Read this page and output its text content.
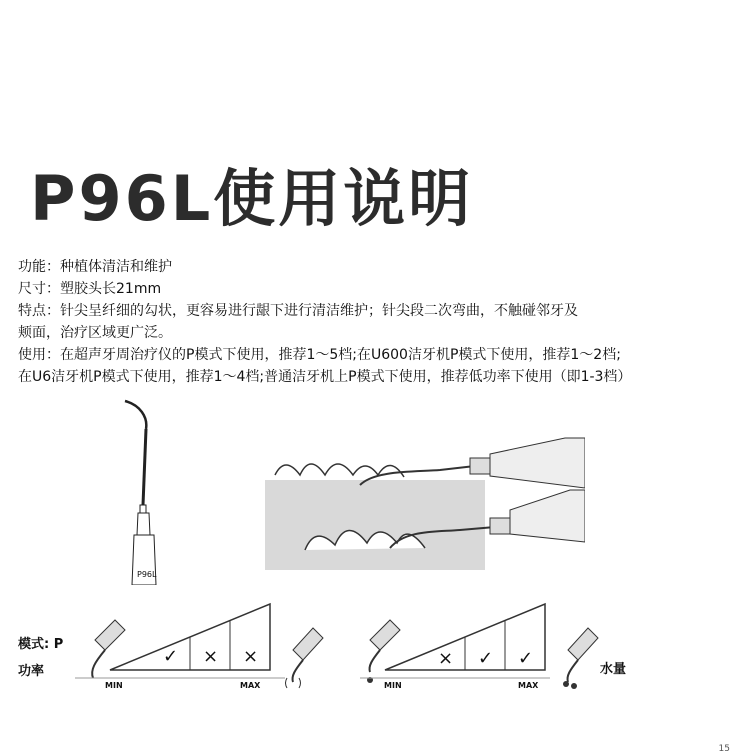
P96L使用说明
功能：种植体清洁和维护
尺寸：塑胶头长21mm
特点：针尖呈纤细的勾状，更容易进行龈下进行清洁维护；针尖段二次弯曲，不触碰邻牙及
颊面，治疗区域更广泛。
使用：在超声牙周治疗仪的P模式下使用，推荐1～5档;在U600洁牙机P模式下使用，推荐1～2档;
在U6洁牙机P模式下使用，推荐1～4档;普通洁牙机上P模式下使用，推荐低功率下使用（即1-3档）
P96L
模式: P
功率	水量
✓ × ×
MIN	MAX
× ✓ ✓
MIN	MAX
15
